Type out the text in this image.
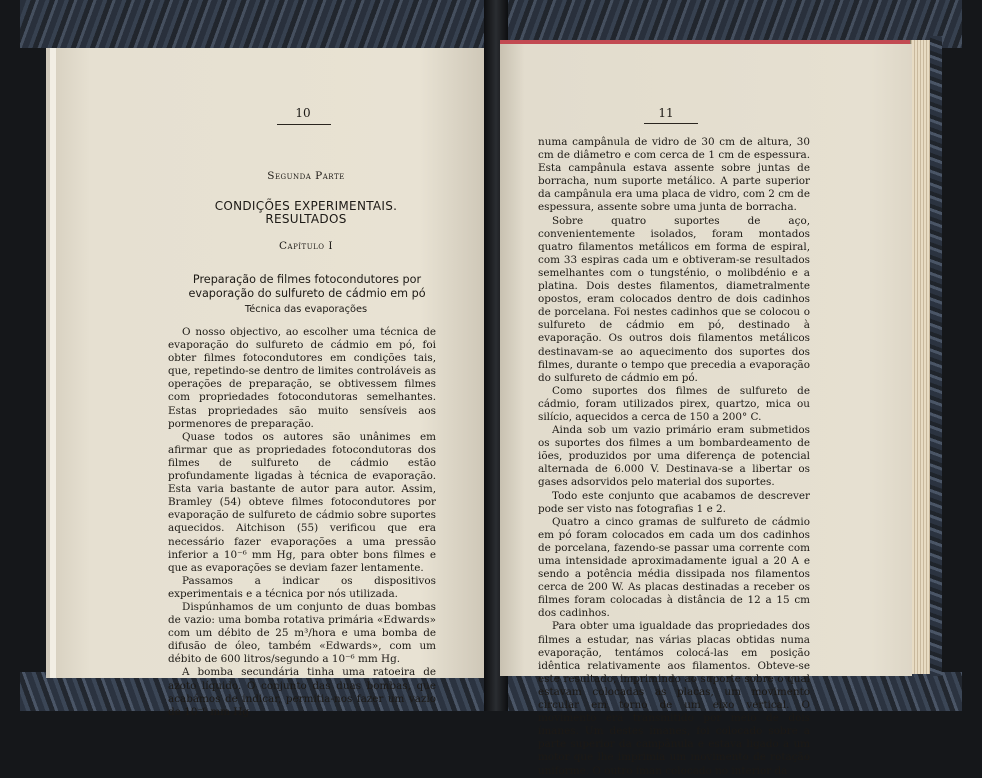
10
Segunda Parte
CONDIÇÕES EXPERIMENTAIS.
RESULTADOS
Capítulo I
Preparação de filmes fotocondutores por
evaporação do sulfureto de cádmio em pó
Técnica das evaporações

O nosso objectivo, ao escolher uma técnica de evaporação do sulfureto de cádmio em pó, foi obter filmes fotocondutores em condições tais, que, repetindo-se dentro de limites controláveis as operações de preparação, se obtivessem filmes com propriedades fotocondutoras semelhantes. Estas propriedades são muito sensíveis aos pormenores de preparação.

Quase todos os autores são unânimes em afirmar que as propriedades fotocondutoras dos filmes de sulfureto de cádmio estão profundamente ligadas à técnica de evaporação. Esta varia bastante de autor para autor. Assim, Bramley (54) obteve filmes fotocondutores por evaporação de sulfureto de cádmio sobre suportes aquecidos. Aitchison (55) verificou que era necessário fazer evaporações a uma pressão inferior a 10⁻⁶ mm Hg, para obter bons filmes e que as evaporações se deviam fazer lentamente.

Passamos a indicar os dispositivos experimentais e a técnica por nós utilizada.

Dispúnhamos de um conjunto de duas bombas de vazio: uma bomba rotativa primária «Edwards» com um débito de 25 m³/hora e uma bomba de difusão de óleo, também «Edwards», com um débito de 600 litros/segundo a 10⁻⁶ mm Hg.

A bomba secundária tinha uma ratoeira de azoto líquido. O conjunto das duas bombas, que acabámos de indicar, permitia-nos fazer um vazio de 10⁻⁶ mm Hg

11

numa campânula de vidro de 30 cm de altura, 30 cm de diâmetro e com cerca de 1 cm de espessura. Esta campânula estava assente sobre juntas de borracha, num suporte metálico. A parte superior da campânula era uma placa de vidro, com 2 cm de espessura, assente sobre uma junta de borracha.

Sobre quatro suportes de aço, convenientemente isolados, foram montados quatro filamentos metálicos em forma de espiral, com 33 espiras cada um e obtiveram-se resultados semelhantes com o tungsténio, o molibdénio e a platina. Dois destes filamentos, diametralmente opostos, eram colocados dentro de dois cadinhos de porcelana. Foi nestes cadinhos que se colocou o sulfureto de cádmio em pó, destinado à evaporação. Os outros dois filamentos metálicos destinavam-se ao aquecimento dos suportes dos filmes, durante o tempo que precedia a evaporação do sulfureto de cádmio em pó.

Como suportes dos filmes de sulfureto de cádmio, foram utilizados pirex, quartzo, mica ou silício, aquecidos a cerca de 150 a 200° C.

Ainda sob um vazio primário eram submetidos os suportes dos filmes a um bombardeamento de iões, produzidos por uma diferença de potencial alternada de 6.000 V. Destinava-se a libertar os gases adsorvidos pelo material dos suportes.

Todo este conjunto que acabamos de descrever pode ser visto nas fotografias 1 e 2.

Quatro a cinco gramas de sulfureto de cádmio em pó foram colocados em cada um dos cadinhos de porcelana, fazendo-se passar uma corrente com uma intensidade aproximadamente igual a 20 A e sendo a potência média dissipada nos filamentos cerca de 200 W. As placas destinadas a receber os filmes foram colocadas à distância de 12 a 15 cm dos cadinhos.

Para obter uma igualdade das propriedades dos filmes a estudar, nas várias placas obtidas numa evaporação, tentámos colocá-las em posição idêntica relativamente aos filamentos. Obteve-se este resultado, imprimindo ao suporte sobre o qual estavam colocadas as placas, um movimento circular em torno de um eixo vertical. O movimento era transmitido por meio de dois ímanes. Um destes ímanes, foi colocado sobre a parte superior da campânula e estava ligado a um motor que lhe imprimia um movimento de rotação uniforme. O outro íman colocado no interior da
